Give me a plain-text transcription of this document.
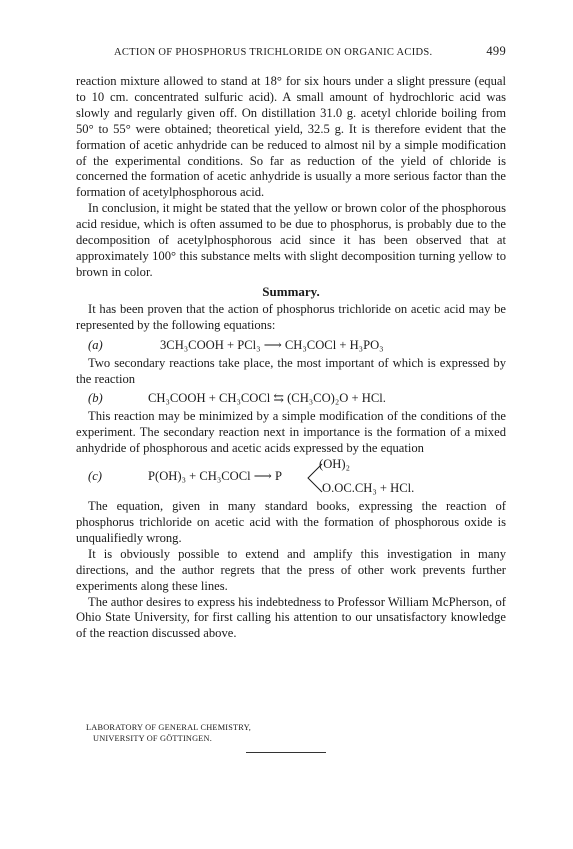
ACTION OF PHOSPHORUS TRICHLORIDE ON ORGANIC ACIDS.	499

reaction mixture allowed to stand at 18° for six hours under a slight pressure (equal to 10 cm. concentrated sulfuric acid). A small amount of hydrochloric acid was slowly and regularly given off. On distillation 31.0 g. acetyl chloride boiling from 50° to 55° were obtained; theoretical yield, 32.5 g. It is therefore evident that the formation of acetic anhydride can be reduced to almost nil by a simple modification of the experimental conditions. So far as reduction of the yield of chloride is concerned the formation of acetic anhydride is usually a more serious factor than the formation of acetylphosphorous acid.

In conclusion, it might be stated that the yellow or brown color of the phosphorous acid residue, which is often assumed to be due to phosphorus, is probably due to the decomposition of acetylphosphorous acid since it has been observed that at approximately 100° this substance melts with slight decomposition turning yellow to brown in color.

Summary.

It has been proven that the action of phosphorus trichloride on acetic acid may be represented by the following equations:

(a)	3CH₃COOH + PCl₃ ⟶ CH₃COCl + H₃PO₃

Two secondary reactions take place, the most important of which is expressed by the reaction

(b)	CH₃COOH + CH₃COCl ⇆ (CH₃CO)₂O + HCl.

This reaction may be minimized by a simple modification of the conditions of the experiment. The secondary reaction next in importance is the formation of a mixed anhydride of phosphorous and acetic acids expressed by the equation

(c)	P(OH)₃ + CH₃COCl ⟶ P
(OH)₂
O.OC.CH₃ + HCl.

The equation, given in many standard books, expressing the reaction of phosphorus trichloride on acetic acid with the formation of phosphorous oxide is unqualifiedly wrong.

It is obviously possible to extend and amplify this investigation in many directions, and the author regrets that the press of other work prevents further experiments along these lines.

The author desires to express his indebtedness to Professor William McPherson, of Ohio State University, for first calling his attention to our unsatisfactory knowledge of the reaction discussed above.

LABORATORY OF GENERAL CHEMISTRY,
UNIVERSITY OF GÖTTINGEN.
